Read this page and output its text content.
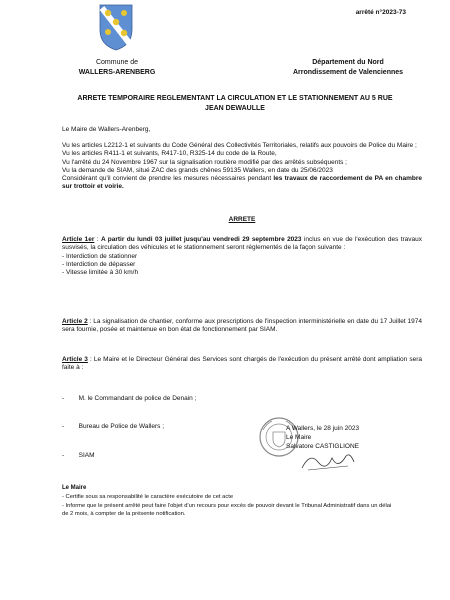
arrêté n°2023-73
Commune de
WALLERS-ARENBERG
Département du Nord
Arrondissement de Valenciennes
ARRETE TEMPORAIRE REGLEMENTANT LA CIRCULATION ET LE STATIONNEMENT AU 5 RUE
JEAN DEWAULLE
Le Maire de Wallers-Arenberg,
Vu les articles L2212-1 et suivants du Code Général des Collectivités Territoriales, relatifs aux pouvoirs de Police du Maire ;
Vu les articles R411-1 et suivants, R417-10, R325-14 du code de la Route,
Vu l'arrêté du 24 Novembre 1967 sur la signalisation routière modifié par des arrêtés subséquents ;
Vu la demande de SIAM, situé ZAC des grands chênes 59135 Wallers, en date du 25/06/2023
Considérant qu'il convient de prendre les mesures nécessaires pendant les travaux de raccordement de PA en chambre sur trottoir et voirie.
ARRETE
Article 1er : A partir du lundi 03 juillet jusqu'au vendredi 29 septembre 2023 inclus en vue de l'exécution des travaux susvisés, la circulation des véhicules et le stationnement seront réglementés de la façon suivante :
- Interdiction de stationner
- Interdiction de dépasser
- Vitesse limitée à 30 km/h
Article 2 : La signalisation de chantier, conforme aux prescriptions de l'inspection interministérielle en date du 17 Juillet 1974 sera fournie, posée et maintenue en bon état de fonctionnement par SIAM.
Article 3 : Le Maire et le Directeur Général des Services sont chargés de l'exécution du présent arrêté dont ampliation sera faite à :

-        M. le Commandant de police de Denain ;

-        Bureau de Police de Wallers ;

-        SIAM

A Wallers, le 28 juin 2023
Le Maire
Salvatore CASTIGLIONE
Le Maire
- Certifie sous sa responsabilité le caractère exécutoire de cet acte
- Informe que le présent arrêté peut faire l'objet d'un recours pour excès de pouvoir devant le Tribunal Administratif dans un délai de 2 mois, à compter de la présente notification.
